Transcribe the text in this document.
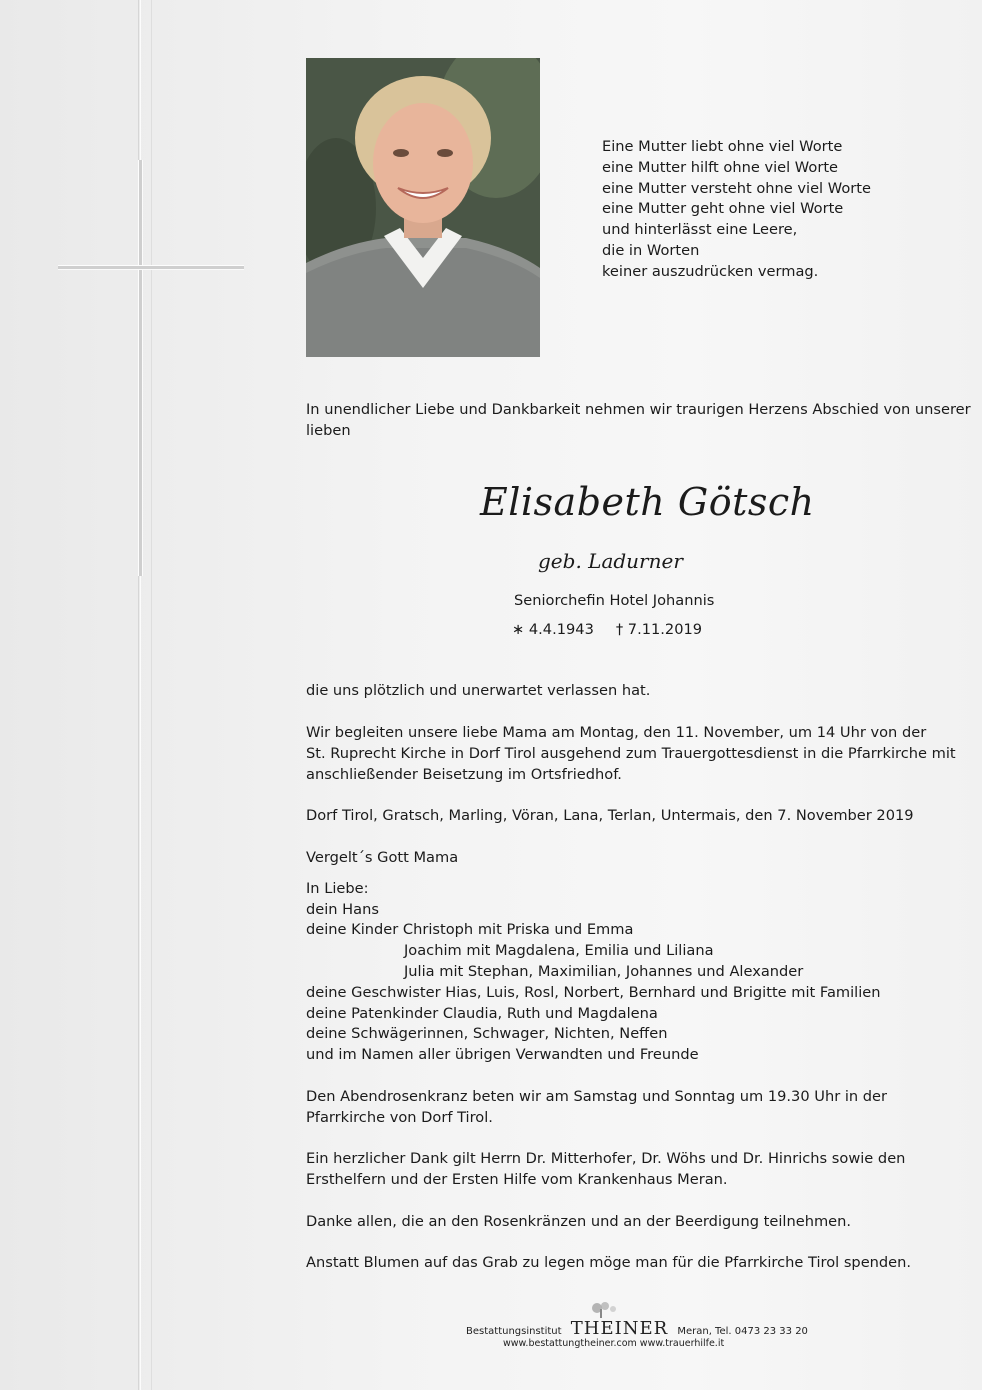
Eine Mutter liebt ohne viel Worte
eine Mutter hilft ohne viel Worte
eine Mutter versteht ohne viel Worte
eine Mutter geht ohne viel Worte
und hinterlässt eine Leere,
die in Worten
keiner auszudrücken vermag.
In unendlicher Liebe und Dankbarkeit nehmen wir traurigen Herzens Abschied von unserer
lieben
Elisabeth Götsch
geb. Ladurner
Seniorchefin Hotel Johannis
∗ 4.4.1943 † 7.11.2019
die uns plötzlich und unerwartet verlassen hat.
Wir begleiten unsere liebe Mama am Montag, den 11. November, um 14 Uhr von der
St. Ruprecht Kirche in Dorf Tirol ausgehend zum Trauergottesdienst in die Pfarrkirche mit
anschließender Beisetzung im Ortsfriedhof.
Dorf Tirol, Gratsch, Marling, Vöran, Lana, Terlan, Untermais, den 7. November 2019
Vergelt´s Gott Mama
In Liebe:
dein Hans
deine Kinder Christoph mit Priska und Emma
Joachim mit Magdalena, Emilia und Liliana
Julia mit Stephan, Maximilian, Johannes und Alexander
deine Geschwister Hias, Luis, Rosl, Norbert, Bernhard und Brigitte mit Familien
deine Patenkinder Claudia, Ruth und Magdalena
deine Schwägerinnen, Schwager, Nichten, Neffen
und im Namen aller übrigen Verwandten und Freunde
Den Abendrosenkranz beten wir am Samstag und Sonntag um 19.30 Uhr in der
Pfarrkirche von Dorf Tirol.
Ein herzlicher Dank gilt Herrn Dr. Mitterhofer, Dr. Wöhs und Dr. Hinrichs sowie den
Ersthelfern und der Ersten Hilfe vom Krankenhaus Meran.
Danke allen, die an den Rosenkränzen und an der Beerdigung teilnehmen.
Anstatt Blumen auf das Grab zu legen möge man für die Pfarrkirche Tirol spenden.
Bestattungsinstitut THEINER Meran, Tel. 0473 23 33 20
www.bestattungtheiner.com www.trauerhilfe.it
